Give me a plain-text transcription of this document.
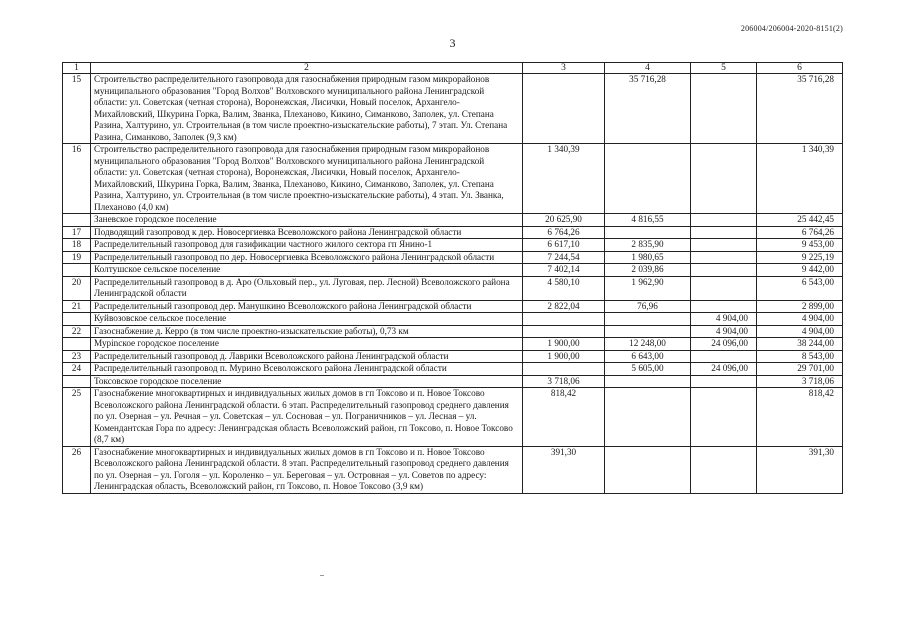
206004/206004-2020-8151(2)
3
1	2	3	4	5	6
15	Строительство распределительного газопровода для газоснабжения природным газом микрорайонов муниципального образования "Город Волхов" Волховского муниципального района Ленинградской области: ул. Советская (четная сторона), Воронежская, Лисички, Новый поселок, Архангело-Михайловский, Шкурина Горка, Валим, Званка, Плеханово, Кикино, Симанково, Заполек, ул. Степана Разина, Халтурино, ул. Строительная (в том числе проектно-изыскательские работы), 7 этап. Ул. Степана Разина, Симанково, Заполек (9,3 км)		35 716,28		35 716,28
16	Строительство распределительного газопровода для газоснабжения природным газом микрорайонов муниципального образования "Город Волхов" Волховского муниципального района Ленинградской области: ул. Советская (четная сторона), Воронежская, Лисички, Новый поселок, Архангело-Михайловский, Шкурина Горка, Валим, Званка, Плеханово, Кикино, Симанково, Заполек, ул. Степана Разина, Халтурино, ул. Строительная (в том числе проектно-изыскательские работы), 4 этап. Ул. Званка, Плеханово (4,0 км)	1 340,39			1 340,39
	Заневское городское поселение	20 625,90	4 816,55		25 442,45
17	Подводящий газопровод к дер. Новосергиевка Всеволожского района Ленинградской области	6 764,26			6 764,26
18	Распределительный газопровод для газификации частного жилого сектора гп Янино-1	6 617,10	2 835,90		9 453,00
19	Распределительный газопровод по дер. Новосергиевка Всеволожского района Ленинградской области	7 244,54	1 980,65		9 225,19
	Колтушское сельское поселение	7 402,14	2 039,86		9 442,00
20	Распределительный газопровод в д. Аро (Ольховый пер., ул. Луговая, пер. Лесной) Всеволожского района Ленинградской области	4 580,10	1 962,90		6 543,00
21	Распределительный газопровод дер. Манушкино Всеволожского района Ленинградской области	2 822,04	76,96		2 899,00
	Куйвозовское сельское поселение			4 904,00	4 904,00
22	Газоснабжение д. Керро (в том числе проектно-изыскательские работы), 0,73 км			4 904,00	4 904,00
	Мурinское городское поселение	1 900,00	12 248,00	24 096,00	38 244,00
23	Распределительный газопровод д. Лаврики Всеволожского района Ленинградской области	1 900,00	6 643,00		8 543,00
24	Распределительный газопровод п. Мурино Всеволожского района Ленинградской области		5 605,00	24 096,00	29 701,00
	Токсовское городское поселение	3 718,06			3 718,06
25	Газоснабжение многоквартирных и индивидуальных жилых домов в гп Токсово и п. Новое Токсово Всеволожского района Ленинградской области. 6 этап. Распределительный газопровод среднего давления по ул. Озерная – ул. Речная – ул. Советская – ул. Сосновая – ул. Пограничников – ул. Лесная – ул. Комендантская Гора по адресу: Ленинградская область Всеволожский район, гп Токсово, п. Новое Токсово (8,7 км)	818,42			818,42
26	Газоснабжение многоквартирных и индивидуальных жилых домов в гп Токсово и п. Новое Токсово Всеволожского района Ленинградской области. 8 этап. Распределительный газопровод среднего давления по ул. Озерная – ул. Гоголя – ул. Короленко – ул. Береговая – ул. Островная – ул. Советов по адресу: Ленинградская область, Всеволожский район, гп Токсово, п. Новое Токсово (3,9 км)	391,30			391,30
